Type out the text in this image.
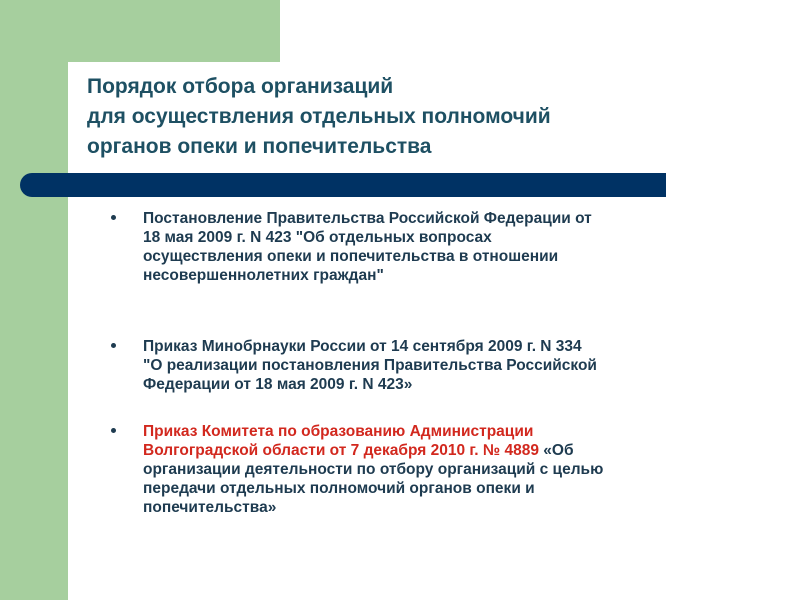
Порядок отбора организаций
для осуществления отдельных полномочий
органов опеки и попечительства
Постановление Правительства Российской Федерации от
18 мая 2009 г. N 423 "Об отдельных вопросах
осуществления опеки и попечительства в отношении
несовершеннолетних граждан"
Приказ Минобрнауки России от 14 сентября 2009 г. N 334
"О реализации постановления Правительства Российской
Федерации от 18 мая 2009 г. N 423»
Приказ Комитета по образованию Администрации
Волгоградской области от 7 декабря 2010 г. № 4889 «Об
организации деятельности по отбору организаций с целью
передачи отдельных полномочий органов опеки и
попечительства»
